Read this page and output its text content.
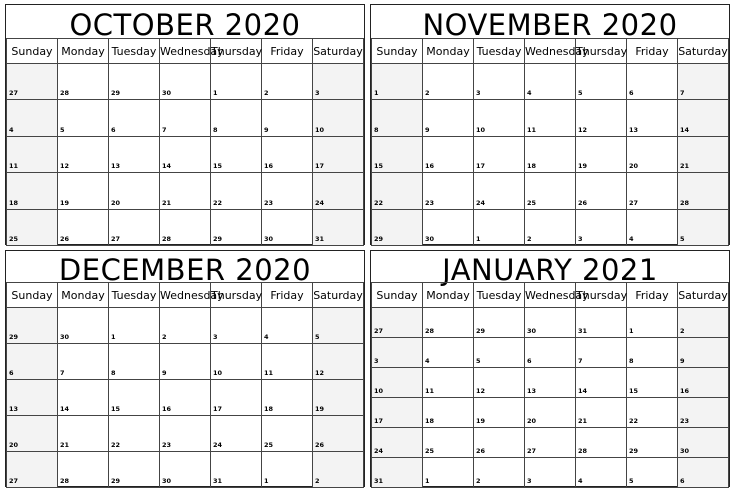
OCTOBER 2020
Sunday	Monday	Tuesday	Wednesday	Thursday	Friday	Saturday

27	28	29	30	1	2	3

4	5	6	7	8	9	10

11	12	13	14	15	16	17

18	19	20	21	22	23	24

25	26	27	28	29	30	31
NOVEMBER 2020
Sunday	Monday	Tuesday	Wednesday	Thursday	Friday	Saturday

1	2	3	4	5	6	7

8	9	10	11	12	13	14

15	16	17	18	19	20	21

22	23	24	25	26	27	28

29	30	1	2	3	4	5
DECEMBER 2020
Sunday	Monday	Tuesday	Wednesday	Thursday	Friday	Saturday

29	30	1	2	3	4	5

6	7	8	9	10	11	12

13	14	15	16	17	18	19

20	21	22	23	24	25	26

27	28	29	30	31	1	2
JANUARY 2021
Sunday	Monday	Tuesday	Wednesday	Thursday	Friday	Saturday

27	28	29	30	31	1	2

3	4	5	6	7	8	9

10	11	12	13	14	15	16

17	18	19	20	21	22	23

24	25	26	27	28	29	30

31	1	2	3	4	5	6
